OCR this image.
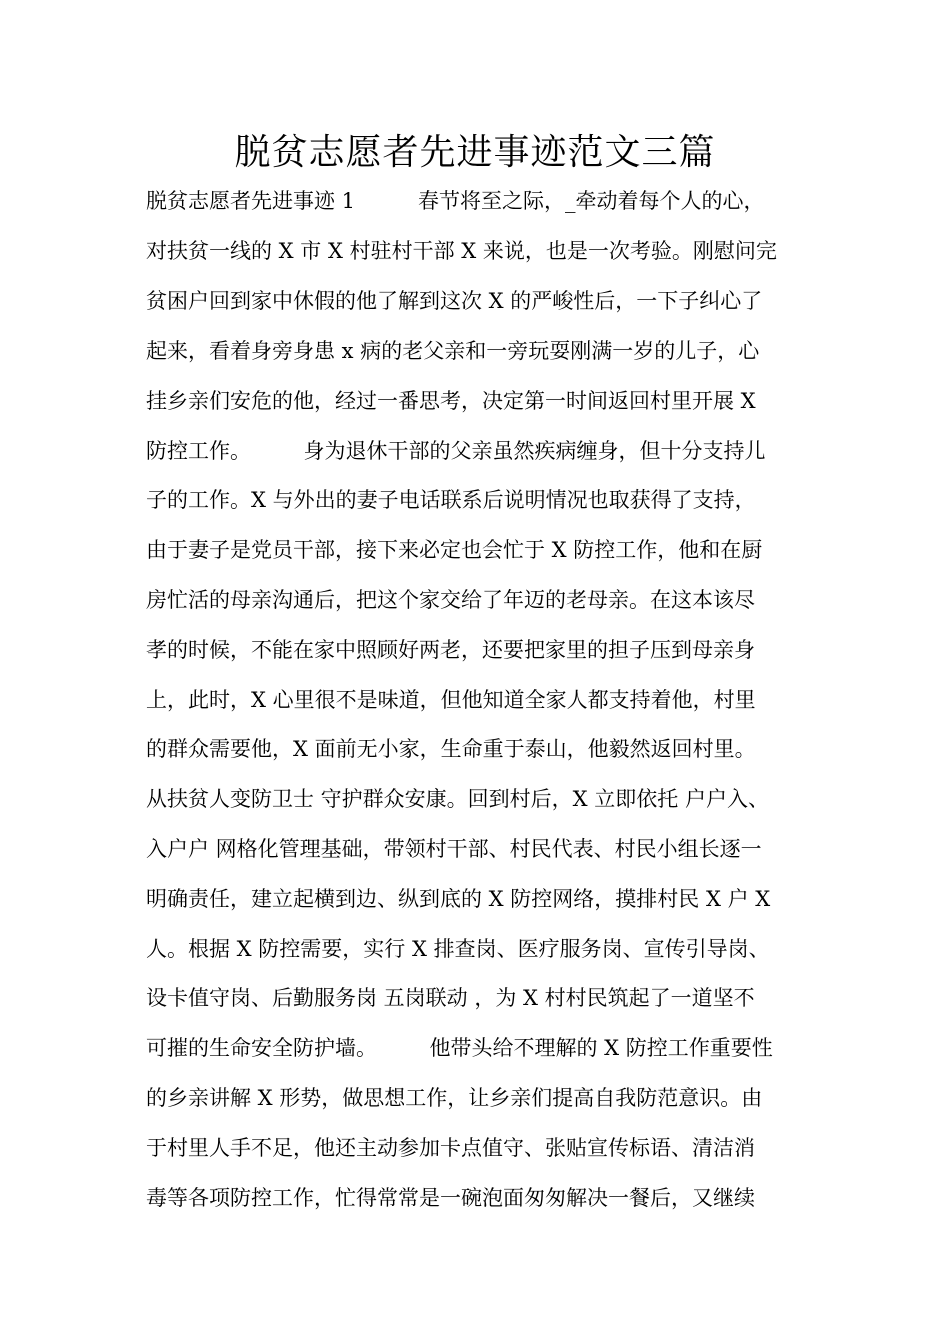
脱贫志愿者先进事迹范文三篇
脱贫志愿者先进事迹 1　　　春节将至之际，_牵动着每个人的心，
对扶贫一线的 X 市 X 村驻村干部 X 来说，也是一次考验。刚慰问完
贫困户回到家中休假的他了解到这次 X 的严峻性后，一下子纠心了
起来，看着身旁身患 x 病的老父亲和一旁玩耍刚满一岁的儿子，心
挂乡亲们安危的他，经过一番思考，决定第一时间返回村里开展 X
防控工作。　　　身为退休干部的父亲虽然疾病缠身，但十分支持儿
子的工作。X 与外出的妻子电话联系后说明情况也取获得了支持，
由于妻子是党员干部，接下来必定也会忙于 X 防控工作，他和在厨
房忙活的母亲沟通后，把这个家交给了年迈的老母亲。在这本该尽
孝的时候，不能在家中照顾好两老，还要把家里的担子压到母亲身
上，此时，X 心里很不是味道，但他知道全家人都支持着他，村里
的群众需要他，X 面前无小家，生命重于泰山，他毅然返回村里。
从扶贫人变防卫士 守护群众安康。回到村后，X 立即依托 户户入、
入户户 网格化管理基础，带领村干部、村民代表、村民小组长逐一
明确责任，建立起横到边、纵到底的 X 防控网络，摸排村民 X 户 X
人。根据 X 防控需要，实行 X 排查岗、医疗服务岗、宣传引导岗、
设卡值守岗、后勤服务岗 五岗联动 ，为 X 村村民筑起了一道坚不
可摧的生命安全防护墙。　　　他带头给不理解的 X 防控工作重要性
的乡亲讲解 X 形势，做思想工作，让乡亲们提高自我防范意识。由
于村里人手不足，他还主动参加卡点值守、张贴宣传标语、清洁消
毒等各项防控工作，忙得常常是一碗泡面匆匆解决一餐后，又继续
